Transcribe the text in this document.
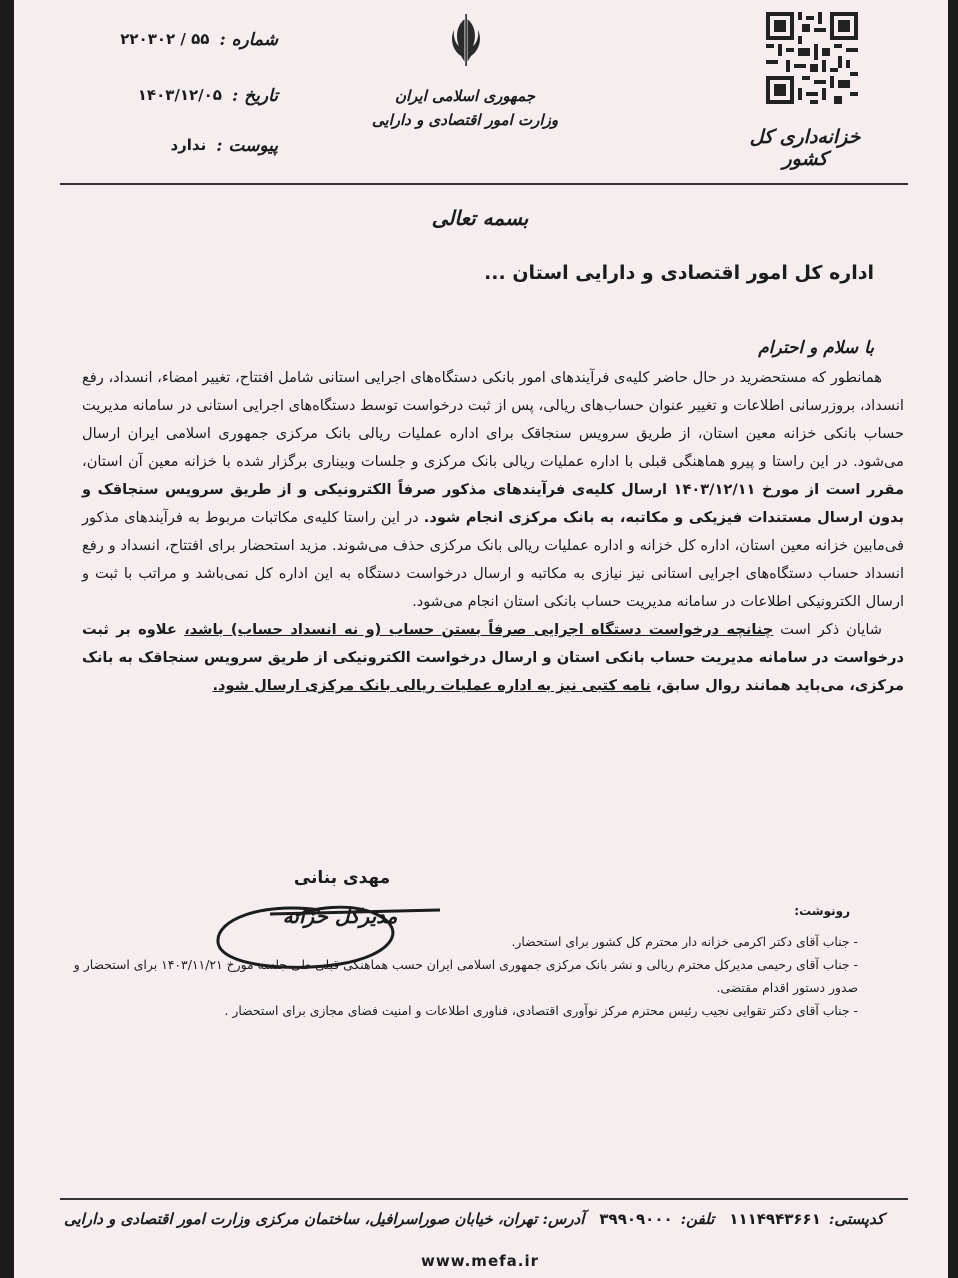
شماره :
۵۵ / ۲۲۰۳۰۲
تاریخ :
۱۴۰۳/۱۲/۰۵
پیوست :
ندارد
جمهوری اسلامی ایران
وزارت امور اقتصادی و دارایی
خزانه‌داری کل کشور
بسمه تعالی
اداره کل امور اقتصادی و دارایی استان ...
با سلام و احترام

همانطور که مستحضرید در حال حاضر کلیه‌ی فرآیندهای امور بانکی دستگاه‌های اجرایی استانی شامل افتتاح، تغییر امضاء، انسداد، رفع انسداد، بروزرسانی اطلاعات و تغییر عنوان حساب‌های ریالی، پس از ثبت درخواست توسط دستگاه‌های اجرایی استانی در سامانه مدیریت حساب بانکی خزانه معین استان، از طریق سرویس سنجاقک برای اداره عملیات ریالی بانک مرکزی جمهوری اسلامی ایران ارسال می‌شود. در این راستا و پیرو هماهنگی قبلی با اداره عملیات ریالی بانک مرکزی و جلسات وبیناری برگزار شده با خزانه معین آن استان، مقرر است از مورخ ۱۴۰۳/۱۲/۱۱ ارسال کلیه‌ی فرآیندهای مذکور صرفاً الکترونیکی و از طریق سرویس سنجاقک و بدون ارسال مستندات فیزیکی و مکاتبه، به بانک مرکزی انجام شود. در این راستا کلیه‌ی مکاتبات مربوط به فرآیندهای مذکور فی‌مابین خزانه معین استان، اداره کل خزانه و اداره عملیات ریالی بانک مرکزی حذف می‌شوند. مزید استحضار برای افتتاح، انسداد و رفع انسداد حساب دستگاه‌های اجرایی استانی نیز نیازی به مکاتبه و ارسال درخواست دستگاه به این اداره کل نمی‌باشد و مراتب با ثبت و ارسال الکترونیکی اطلاعات در سامانه مدیریت حساب بانکی استان انجام می‌شود.

شایان ذکر است چنانچه درخواست دستگاه اجرایی صرفاً بستن حساب (و نه انسداد حساب) باشد، علاوه بر ثبت درخواست در سامانه مدیریت حساب بانکی استان و ارسال درخواست الکترونیکی از طریق سرویس سنجاقک به بانک مرکزی، می‌باید همانند روال سابق، نامه کتبی نیز به اداره عملیات ریالی بانک مرکزی ارسال شود.

مهدی بنانی
مدیرکل خزانه	رونوشت:
- جناب آقای دکتر اکرمی خزانه دار محترم کل کشور برای استحضار.
- جناب آقای رحیمی مدیرکل محترم ریالی و نشر بانک مرکزی جمهوری اسلامی ایران حسب هماهنگی قبلی طی جلسه مورخ ۱۴۰۳/۱۱/۲۱ برای استحضار و صدور دستور اقدام مقتضی.
- جناب آقای دکتر تقوایی نجیب رئیس محترم مرکز نوآوری اقتصادی، فناوری اطلاعات و امنیت فضای مجازی برای استحضار .
آدرس: تهران، خیابان صوراسرافیل، ساختمان مرکزی وزارت امور اقتصادی و دارایی	تلفن:۳۹۹۰۹۰۰۰	کدپستی:۱۱۱۴۹۴۳۶۶۱
www.mefa.ir
